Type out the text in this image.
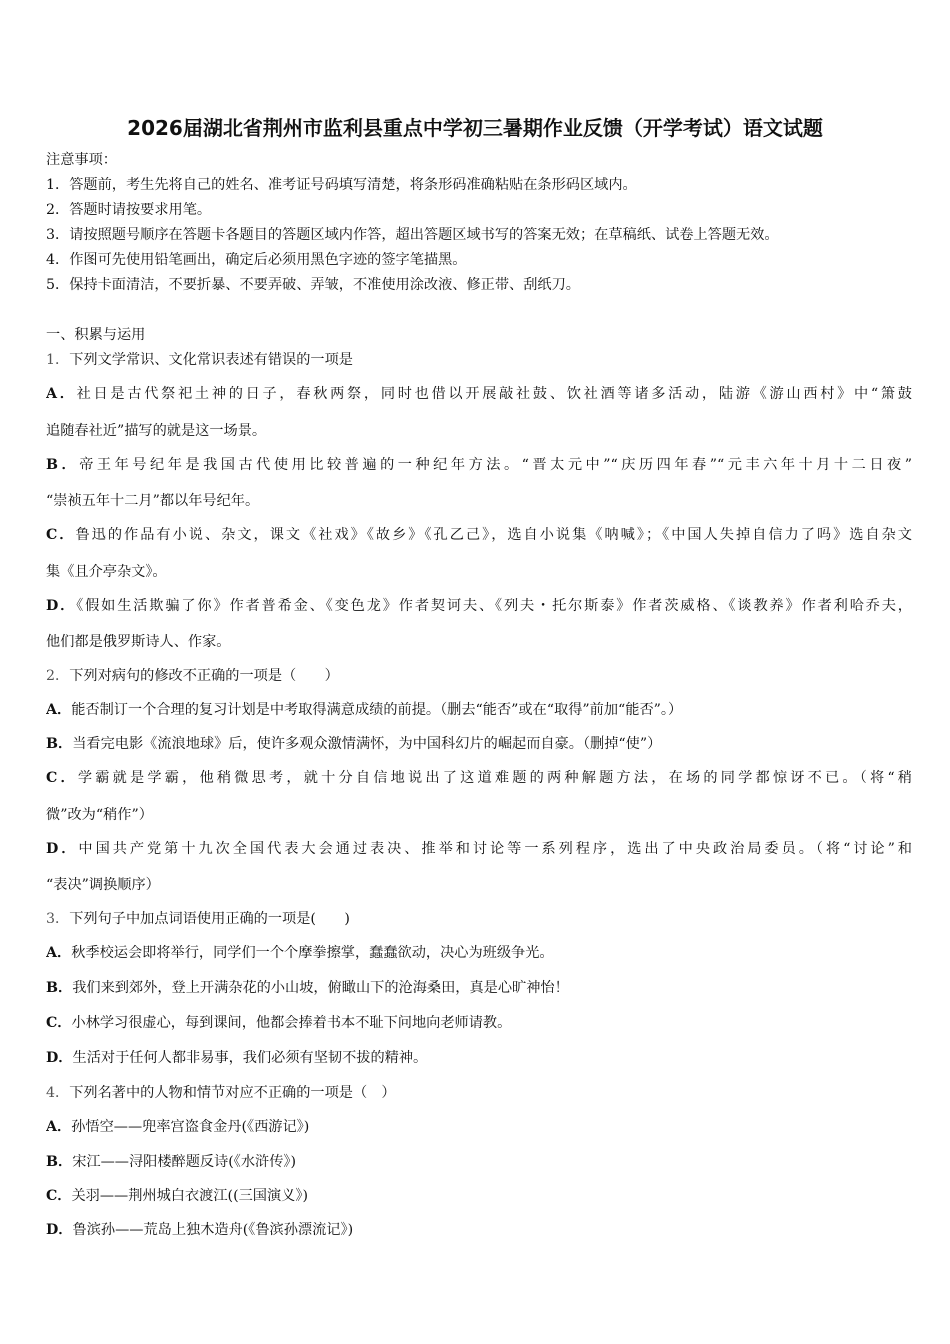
2026届湖北省荆州市监利县重点中学初三暑期作业反馈（开学考试）语文试题
注意事项：
1．答题前，考生先将自己的姓名、准考证号码填写清楚，将条形码准确粘贴在条形码区域内。
2．答题时请按要求用笔。
3．请按照题号顺序在答题卡各题目的答题区域内作答，超出答题区域书写的答案无效；在草稿纸、试卷上答题无效。
4．作图可先使用铅笔画出，确定后必须用黑色字迹的签字笔描黑。
5．保持卡面清洁，不要折暴、不要弄破、弄皱，不准使用涂改液、修正带、刮纸刀。
一、积累与运用
1．下列文学常识、文化常识表述有错误的一项是
A．社日是古代祭祀土神的日子，春秋两祭，同时也借以开展敲社鼓、饮社酒等诸多活动，陆游《游山西村》中“箫鼓
追随春社近”描写的就是这一场景。
B．帝王年号纪年是我国古代使用比较普遍的一种纪年方法。“晋太元中”“庆历四年春”“元丰六年十月十二日夜”
“崇祯五年十二月”都以年号纪年。
C．鲁迅的作品有小说、杂文，课文《社戏》《故乡》《孔乙己》，选自小说集《呐喊》；《中国人失掉自信力了吗》选自杂文
集《且介亭杂文》。
D．《假如生活欺骗了你》作者普希金、《变色龙》作者契诃夫、《列夫・托尔斯泰》作者茨威格、《谈教养》作者利哈乔夫，
他们都是俄罗斯诗人、作家。
2．下列对病句的修改不正确的一项是（　　）
A．能否制订一个合理的复习计划是中考取得满意成绩的前提。（删去“能否”或在“取得”前加“能否”。）
B．当看完电影《流浪地球》后，使许多观众激情满怀，为中国科幻片的崛起而自豪。（删掉“使”）
C．学霸就是学霸，他稍微思考，就十分自信地说出了这道难题的两种解题方法，在场的同学都惊讶不已。（将“稍
微”改为“稍作”）
D．中国共产党第十九次全国代表大会通过表决、推举和讨论等一系列程序，选出了中央政治局委员。（将“讨论”和
“表决”调换顺序）
3．下列句子中加点词语使用正确的一项是(　　)
A．秋季校运会即将举行，同学们一个个摩拳擦掌，蠢蠢欲动，决心为班级争光。
B．我们来到郊外，登上开满杂花的小山坡，俯瞰山下的沧海桑田，真是心旷神怡！
C．小林学习很虚心，每到课间，他都会捧着书本不耻下问地向老师请教。
D．生活对于任何人都非易事，我们必须有坚韧不拔的精神。
4．下列名著中的人物和情节对应不正确的一项是（　）
A．孙悟空——兜率宫盗食金丹(《西游记》)
B．宋江——浔阳楼醉题反诗(《水浒传》)
C．关羽——荆州城白衣渡江((三国演义》)
D．鲁滨孙——荒岛上独木造舟(《鲁滨孙漂流记》)
